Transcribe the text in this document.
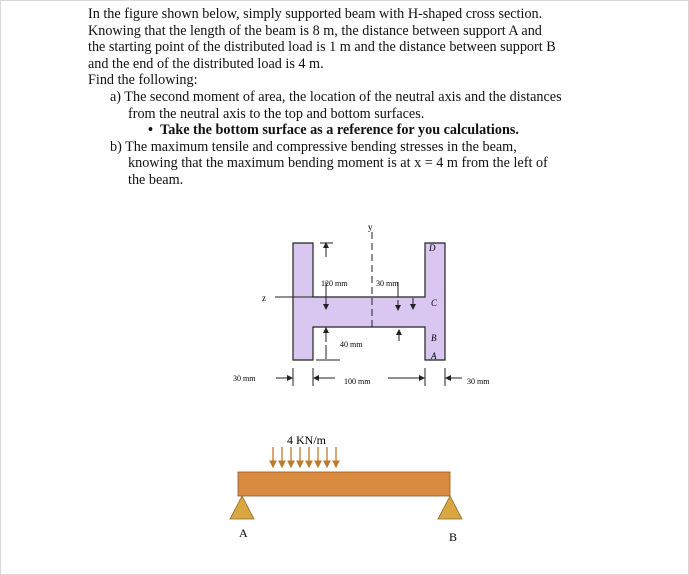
In the figure shown below, simply supported beam with H-shaped cross section.

Knowing that the length of the beam is 8 m, the distance between support A and

the starting point of the distributed load is 1 m and the distance between support B

and the end of the distributed load is 4 m.

Find the following:

a) The second moment of area, the location of the neutral axis and the distances

from the neutral axis to the top and bottom surfaces.

•  Take the bottom surface as a reference for you calculations.

b) The maximum tensile and compressive bending stresses in the beam,

knowing that the maximum bending moment is at x = 4 m from the left of

the beam.

y
z
120 mm	30 mm
40 mm
D
C
B
A
30 mm	100 mm	30 mm
4 KN/m
A	B
